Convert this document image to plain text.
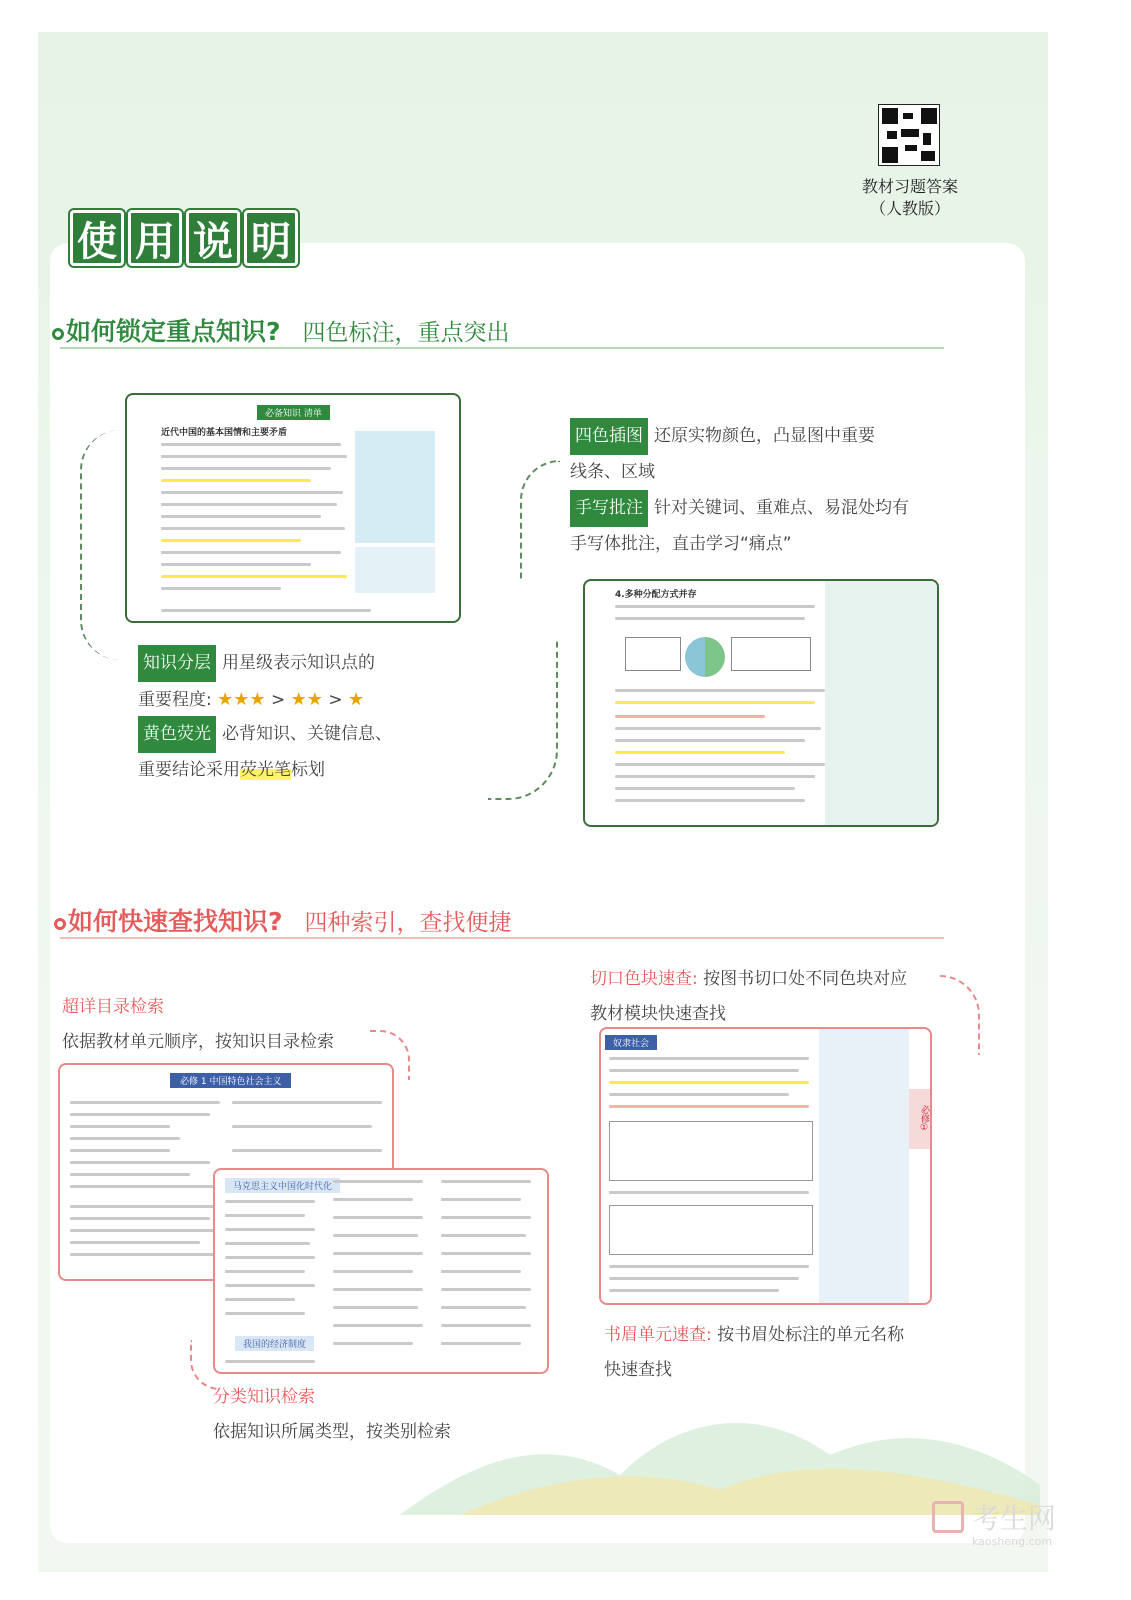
教材习题答案
（人教版）
使 用 说 明
如何锁定重点知识? 四色标注，重点突出
必备知识 清单
近代中国的基本国情和主要矛盾	四色插图 还原实物颜色，凸显图中重要
线条、区域
手写批注 针对关键词、重难点、易混处均有
手写体批注，直击学习“痛点”
4.多种分配方式并存
知识分层 用星级表示知识点的
重要程度: ★★★ > ★★ > ★
黄色荧光 必背知识、关键信息、
重要结论采用荧光笔标划
如何快速查找知识? 四种索引，查找便捷
超详目录检索
依据教材单元顺序，按知识目录检索
切口色块速查: 按图书切口处不同色块对应
教材模块快速查找
必修 1 中国特色社会主义
马克思主义中国化时代化
我国的经济制度
奴隶社会
必修①
书眉单元速查: 按书眉处标注的单元名称
快速查找
分类知识检索
依据知识所属类型，按类别检索
考生网
kaosheng.com
